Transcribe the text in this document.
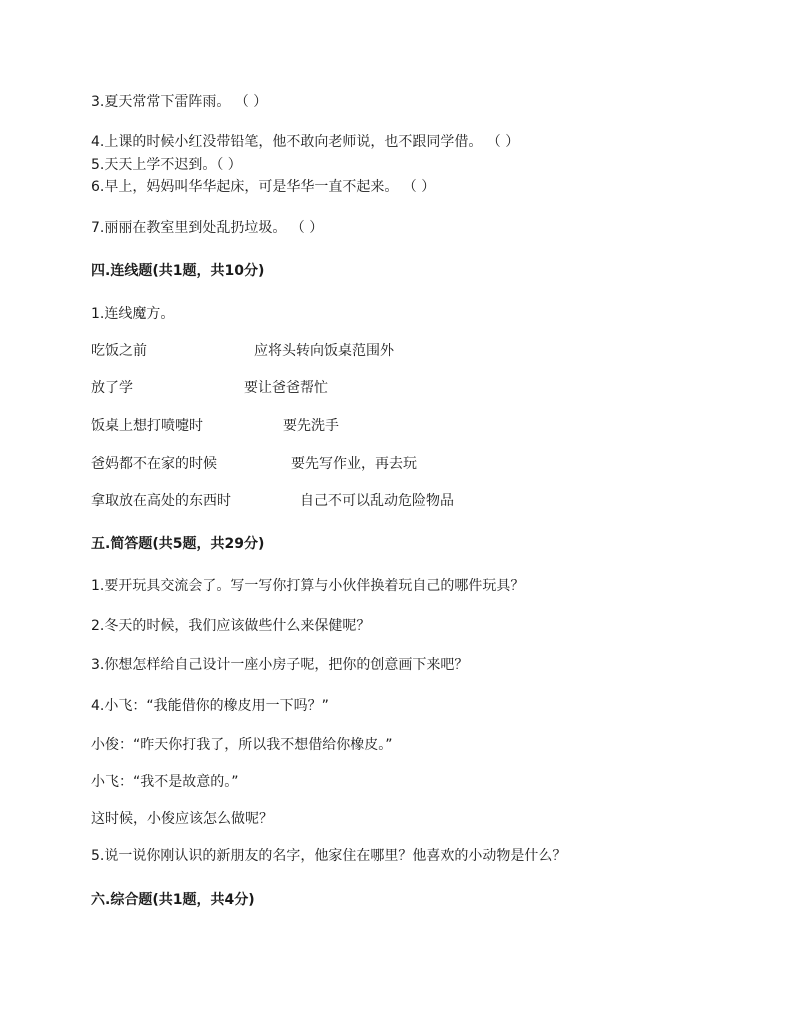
3.夏天常常下雷阵雨。 （ ）
4.上课的时候小红没带铅笔，他不敢向老师说，也不跟同学借。 （ ）
5.天天上学不迟到。（ ）
6.早上，妈妈叫华华起床，可是华华一直不起来。 （ ）
7.丽丽在教室里到处乱扔垃圾。 （ ）
四.连线题(共1题，共10分)
1.连线魔方。
吃饭之前	应将头转向饭桌范围外
放了学	要让爸爸帮忙
饭桌上想打喷嚏时	要先洗手
爸妈都不在家的时候	要先写作业，再去玩
拿取放在高处的东西时	自己不可以乱动危险物品
五.简答题(共5题，共29分)
1.要开玩具交流会了。写一写你打算与小伙伴换着玩自己的哪件玩具？
2.冬天的时候，我们应该做些什么来保健呢？
3.你想怎样给自己设计一座小房子呢，把你的创意画下来吧？
4.小飞：“我能借你的橡皮用一下吗？”
小俊：“昨天你打我了，所以我不想借给你橡皮。”
小飞：“我不是故意的。”
这时候，小俊应该怎么做呢？
5.说一说你刚认识的新朋友的名字，他家住在哪里？他喜欢的小动物是什么？
六.综合题(共1题，共4分)
